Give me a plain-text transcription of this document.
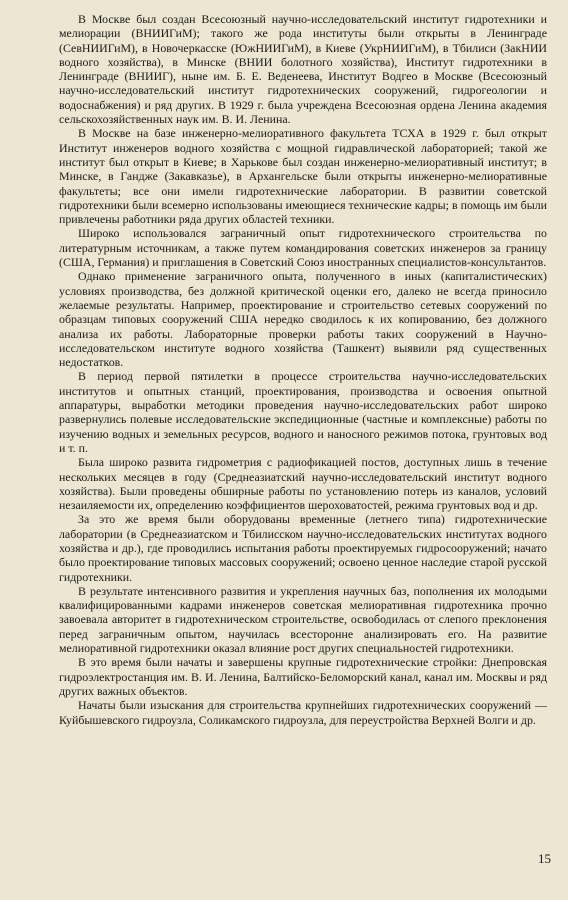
В Москве был создан Всесоюзный научно-исследовательский институт гидротехники и мелиорации (ВНИИГиМ); такого же рода институты были открыты в Ленинграде (СевНИИГиМ), в Новочеркасске (ЮжНИИГиМ), в Киеве (УкрНИИГиМ), в Тбилиси (ЗакНИИ водного хозяйства), в Минске (ВНИИ болотного хозяйства), Институт гидротехники в Ленинграде (ВНИИГ), ныне им. Б. Е. Веденеева, Институт Водгео в Москве (Всесоюзный научно-исследовательский институт гидротехнических сооружений, гидрогеологии и водоснабжения) и ряд других. В 1929 г. была учреждена Всесоюзная ордена Ленина академия сельскохозяйственных наук им. В. И. Ленина.

В Москве на базе инженерно-мелиоративного факультета ТСХА в 1929 г. был открыт Институт инженеров водного хозяйства с мощной гидравлической лабораторией; такой же институт был открыт в Киеве; в Харькове был создан инженерно-мелиоративный институт; в Минске, в Гандже (Закавказье), в Архангельске были открыты инженерно-мелиоративные факультеты; все они имели гидротехнические лаборатории. В развитии советской гидротехники были всемерно использованы имеющиеся технические кадры; в помощь им были привлечены работники ряда других областей техники.

Широко использовался заграничный опыт гидротехнического строительства по литературным источникам, а также путем командирования советских инженеров за границу (США, Германия) и приглашения в Советский Союз иностранных специалистов-консультантов.

Однако применение заграничного опыта, полученного в иных (капиталистических) условиях производства, без должной критической оценки его, далеко не всегда приносило желаемые результаты. Например, проектирование и строительство сетевых сооружений по образцам типовых сооружений США нередко сводилось к их копированию, без должного анализа их работы. Лабораторные проверки работы таких сооружений в Научно-исследовательском институте водного хозяйства (Ташкент) выявили ряд существенных недостатков.

В период первой пятилетки в процессе строительства научно-исследовательских институтов и опытных станций, проектирования, производства и освоения опытной аппаратуры, выработки методики проведения научно-исследовательских работ широко развернулись полевые исследовательские экспедиционные (частные и комплексные) работы по изучению водных и земельных ресурсов, водного и наносного режимов потока, грунтовых вод и т. п.

Была широко развита гидрометрия с радиофикацией постов, доступных лишь в течение нескольких месяцев в году (Среднеазиатский научно-исследовательский институт водного хозяйства). Были проведены обширные работы по установлению потерь из каналов, условий незаиляемости их, определению коэффициентов шероховатостей, режима грунтовых вод и др.

За это же время были оборудованы временные (летнего типа) гидротехнические лаборатории (в Среднеазиатском и Тбилисском научно-исследовательских институтах водного хозяйства и др.), где проводились испытания работы проектируемых гидросооружений; начато было проектирование типовых массовых сооружений; освоено ценное наследие старой русской гидротехники.

В результате интенсивного развития и укрепления научных баз, пополнения их молодыми квалифицированными кадрами инженеров советская мелиоративная гидротехника прочно завоевала авторитет в гидротехническом строительстве, освободилась от слепого преклонения перед заграничным опытом, научилась всесторонне анализировать его. На развитие мелиоративной гидротехники оказал влияние рост других специальностей гидротехники.

В это время были начаты и завершены крупные гидротехнические стройки: Днепровская гидроэлектростанция им. В. И. Ленина, Балтийско-Беломорский канал, канал им. Москвы и ряд других важных объектов.

Начаты были изыскания для строительства крупнейших гидротехнических сооружений — Куйбышевского гидроузла, Соликамского гидроузла, для переустройства Верхней Волги и др.

15
